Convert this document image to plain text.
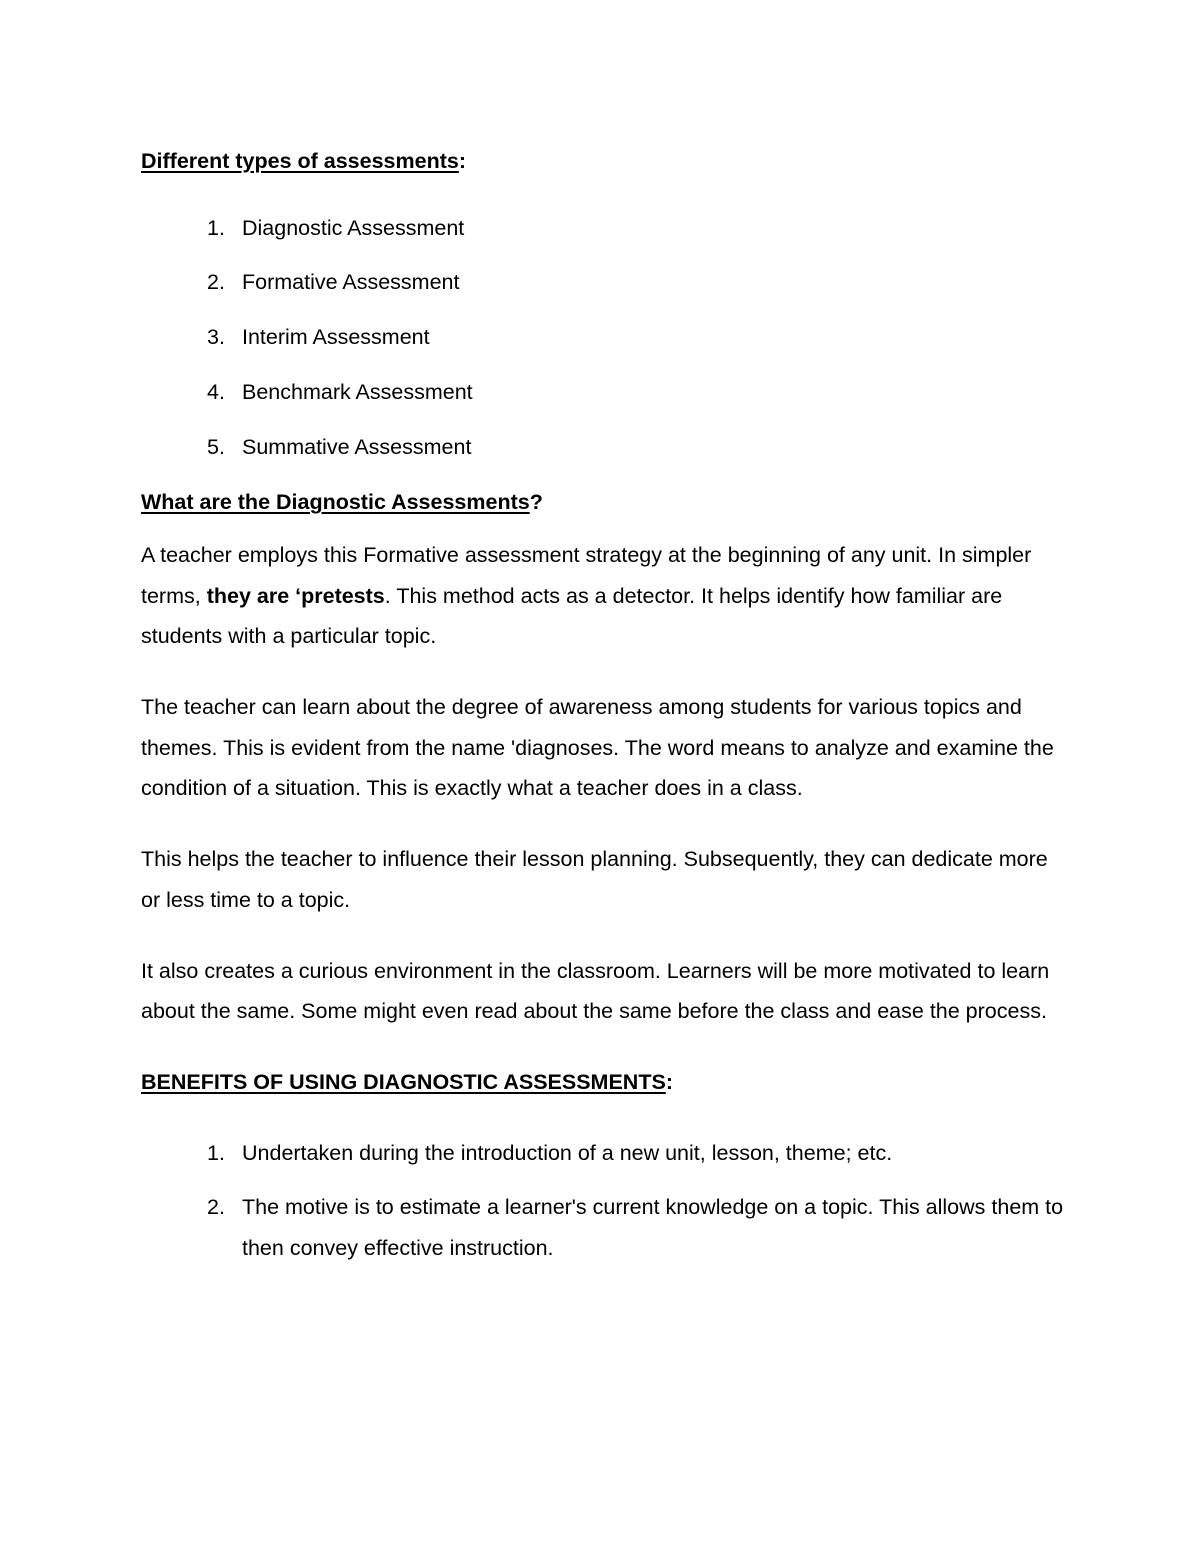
Different types of assessments:

1. Diagnostic Assessment
2. Formative Assessment
3. Interim Assessment
4. Benchmark Assessment
5. Summative Assessment

What are the Diagnostic Assessments?

A teacher employs this Formative assessment strategy at the beginning of any unit. In simpler terms, they are ‘pretests. This method acts as a detector. It helps identify how familiar are students with a particular topic.

The teacher can learn about the degree of awareness among students for various topics and themes. This is evident from the name 'diagnoses. The word means to analyze and examine the condition of a situation. This is exactly what a teacher does in a class.

This helps the teacher to influence their lesson planning. Subsequently, they can dedicate more or less time to a topic.

It also creates a curious environment in the classroom. Learners will be more motivated to learn about the same. Some might even read about the same before the class and ease the process.

BENEFITS OF USING DIAGNOSTIC ASSESSMENTS:

1. Undertaken during the introduction of a new unit, lesson, theme; etc.
2. The motive is to estimate a learner's current knowledge on a topic. This allows them to then convey effective instruction.
